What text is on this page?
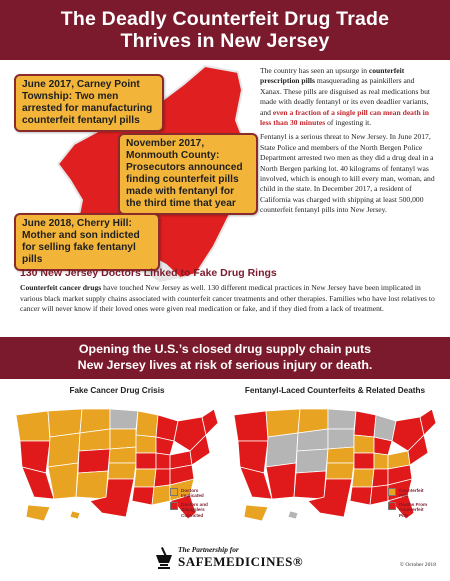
The Deadly Counterfeit Drug Trade
Thrives in New Jersey
June 2017, Carney Point Township: Two men arrested for manufacturing counterfeit fentanyl pills
November 2017, Monmouth County: Prosecutors announced finding counterfeit pills made with fentanyl for the third time that year
June 2018, Cherry Hill: Mother and son indicted for selling fake fentanyl pills

The country has seen an upsurge in counterfeit prescription pills masquerading as painkillers and Xanax. These pills are disguised as real medications but made with deadly fentanyl or its even deadlier variants, and even a fraction of a single pill can mean death in less than 30 minutes of ingesting it.

Fentanyl is a serious threat to New Jersey. In June 2017, State Police and members of the North Bergen Police Department arrested two men as they did a drug deal in a North Bergen parking lot. 40 kilograms of fentanyl was involved, which is enough to kill every man, woman, and child in the state. In December 2017, a resident of California was charged with shipping at least 500,000 counterfeit fentanyl pills into New Jersey.

130 New Jersey Doctors Linked to Fake Drug Rings
Counterfeit cancer drugs have touched New Jersey as well. 130 different medical practices in New Jersey have been implicated in various black market supply chains associated with counterfeit cancer treatments and other therapies. Families who have lost relatives to cancer will never know if their loved ones were given real medication or fake, and if they died from a lack of treatment.
Opening the U.S.’s closed drug supply chain puts
New Jersey lives at risk of serious injury or death.
Fake Cancer Drug Crisis
Doctors Implicated
Doctors and Smugglers Convicted
Fentanyl-Laced Counterfeits & Related Deaths
Counterfeit Pills
Deaths From Counterfeit Pills
The Partnership for
SAFEMEDICINES®	© October 2018
